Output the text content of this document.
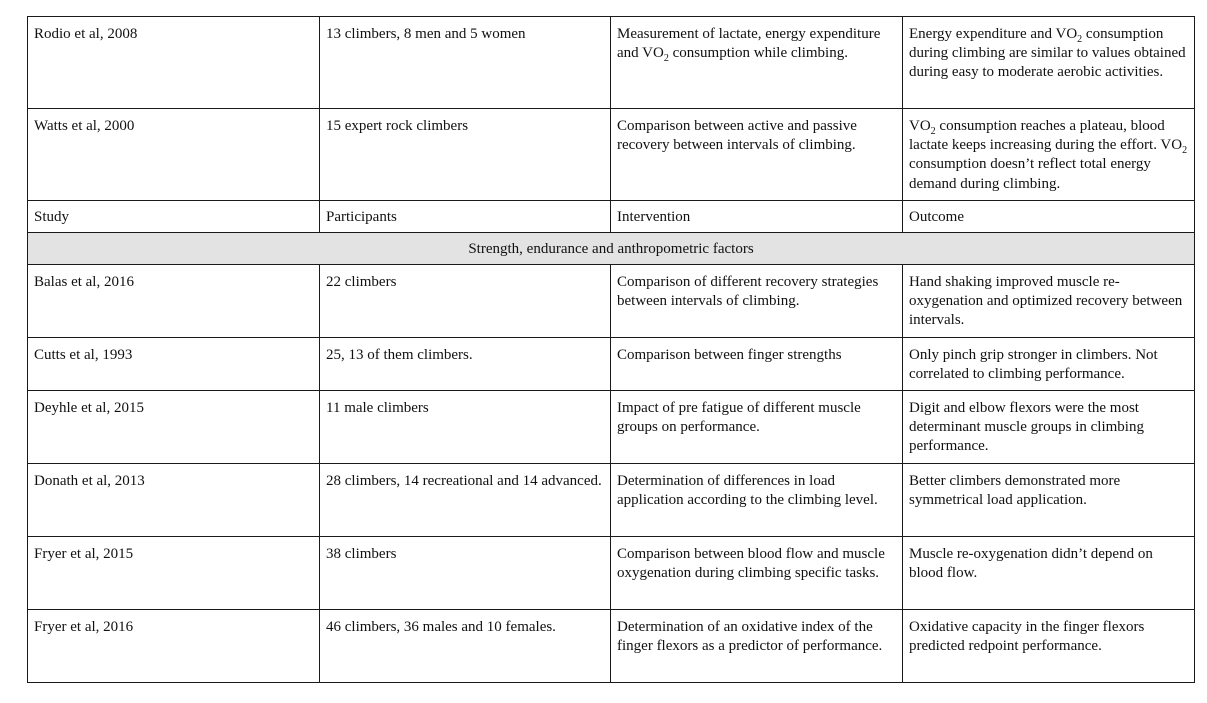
Rodio et al, 2008	13 climbers, 8 men and 5 women	Measurement of lactate, energy expenditure and $VO_2$ consumption while climbing.	Energy expenditure and $VO_2$ consumption during climbing are similar to values obtained during easy to moderate aerobic activities.
Watts et al, 2000	15 expert rock climbers	Comparison between active and passive recovery between intervals of climbing.	$VO_2$ consumption reaches a plateau, blood lactate keeps increasing during the effort. $VO_2$ consumption doesn’t reflect total energy demand during climbing.
Study	Participants	Intervention	Outcome
Strength, endurance and anthropometric factors			
Balas et al, 2016	22 climbers	Comparison of different recovery strategies between intervals of climbing.	Hand shaking improved muscle re-oxygenation and optimized recovery between intervals.
Cutts et al, 1993	25, 13 of them climbers.	Comparison between finger strengths	Only pinch grip stronger in climbers. Not correlated to climbing performance.
Deyhle et al, 2015	11 male climbers	Impact of pre fatigue of different muscle groups on performance.	Digit and elbow flexors were the most determinant muscle groups in climbing performance.
Donath et al, 2013	28 climbers, 14 recreational and 14 advanced.	Determination of differences in load application according to the climbing level.	Better climbers demonstrated more symmetrical load application.
Fryer et al, 2015	38 climbers	Comparison between blood flow and muscle oxygenation during climbing specific tasks.	Muscle re-oxygenation didn’t depend on blood flow.
Fryer et al, 2016	46 climbers, 36 males and 10 females.	Determination of an oxidative index of the finger flexors as a predictor of performance.	Oxidative capacity in the finger flexors predicted redpoint performance.
